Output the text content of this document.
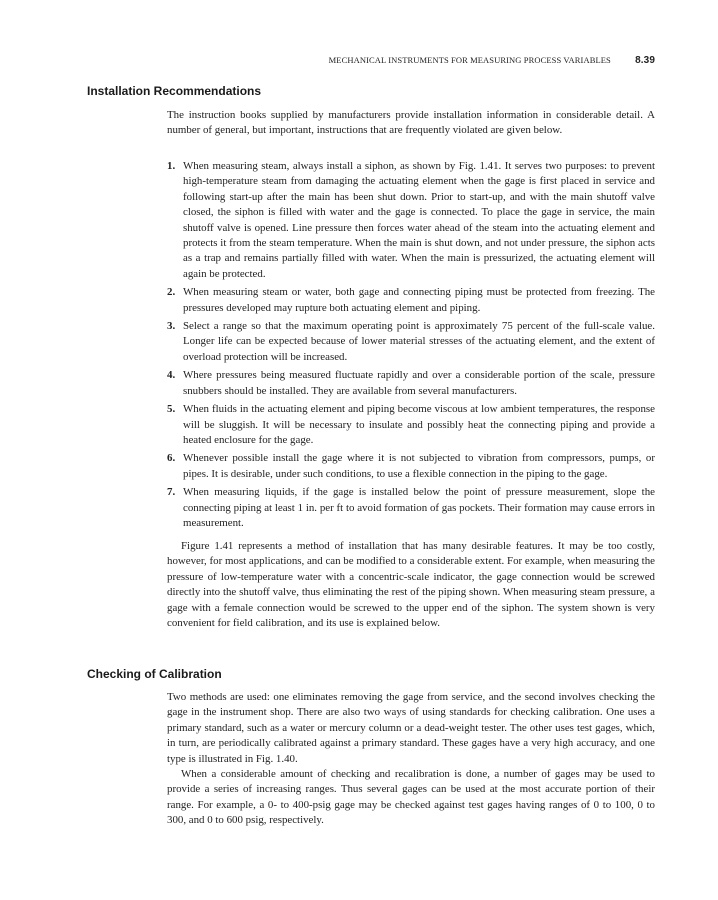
MECHANICAL INSTRUMENTS FOR MEASURING PROCESS VARIABLES 8.39
Installation Recommendations

The instruction books supplied by manufacturers provide installation information in considerable detail. A number of general, but important, instructions that are frequently violated are given below.

1. When measuring steam, always install a siphon, as shown by Fig. 1.41. It serves two purposes: to prevent high-temperature steam from damaging the actuating element when the gage is first placed in service and following start-up after the main has been shut down. Prior to start-up, and with the main shutoff valve closed, the siphon is filled with water and the gage is connected. To place the gage in service, the main shutoff valve is opened. Line pressure then forces water ahead of the steam into the actuating element and protects it from the steam temperature. When the main is shut down, and not under pressure, the siphon acts as a trap and remains partially filled with water. When the main is pressurized, the actuating element will again be protected.
2. When measuring steam or water, both gage and connecting piping must be protected from freezing. The pressures developed may rupture both actuating element and piping.
3. Select a range so that the maximum operating point is approximately 75 percent of the full-scale value. Longer life can be expected because of lower material stresses of the actuating element, and the extent of overload protection will be increased.
4. Where pressures being measured fluctuate rapidly and over a considerable portion of the scale, pressure snubbers should be installed. They are available from several manufacturers.
5. When fluids in the actuating element and piping become viscous at low ambient temperatures, the response will be sluggish. It will be necessary to insulate and possibly heat the connecting piping and provide a heated enclosure for the gage.
6. Whenever possible install the gage where it is not subjected to vibration from compressors, pumps, or pipes. It is desirable, under such conditions, to use a flexible connection in the piping to the gage.
7. When measuring liquids, if the gage is installed below the point of pressure measurement, slope the connecting piping at least 1 in. per ft to avoid formation of gas pockets. Their formation may cause errors in measurement.

Figure 1.41 represents a method of installation that has many desirable features. It may be too costly, however, for most applications, and can be modified to a considerable extent. For example, when measuring the pressure of low-temperature water with a concentric-scale indicator, the gage connection would be screwed directly into the shutoff valve, thus eliminating the rest of the piping shown. When measuring steam pressure, a gage with a female connection would be screwed to the upper end of the siphon. The system shown is very convenient for field calibration, and its use is explained below.

Checking of Calibration

Two methods are used: one eliminates removing the gage from service, and the second involves checking the gage in the instrument shop. There are also two ways of using standards for checking calibration. One uses a primary standard, such as a water or mercury column or a dead-weight tester. The other uses test gages, which, in turn, are periodically calibrated against a primary standard. These gages have a very high accuracy, and one type is illustrated in Fig. 1.40.

When a considerable amount of checking and recalibration is done, a number of gages may be used to provide a series of increasing ranges. Thus several gages can be used at the most accurate portion of their range. For example, a 0- to 400-psig gage may be checked against test gages having ranges of 0 to 100, 0 to 300, and 0 to 600 psig, respectively.
